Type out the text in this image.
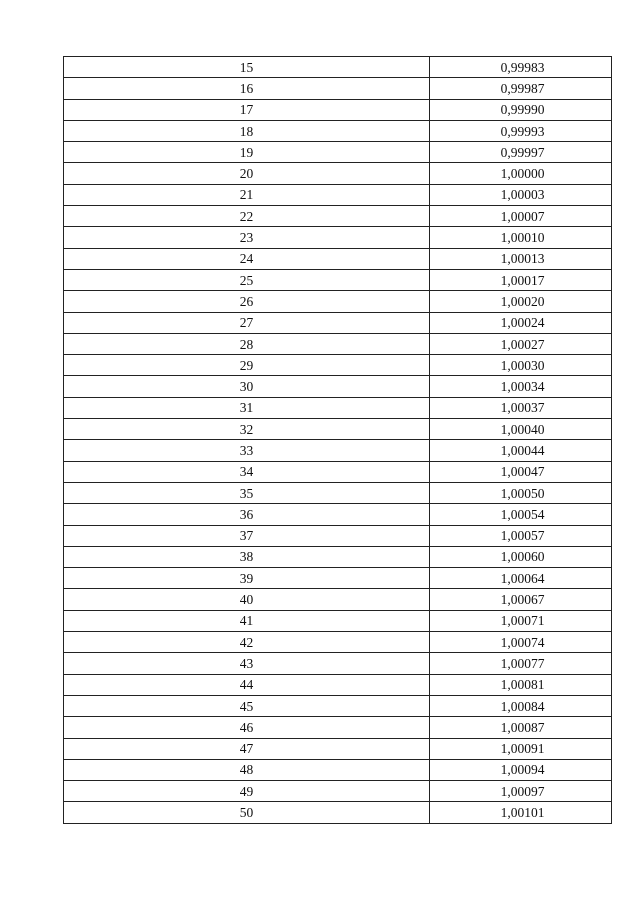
15	0,99983
16	0,99987
17	0,99990
18	0,99993
19	0,99997
20	1,00000
21	1,00003
22	1,00007
23	1,00010
24	1,00013
25	1,00017
26	1,00020
27	1,00024
28	1,00027
29	1,00030
30	1,00034
31	1,00037
32	1,00040
33	1,00044
34	1,00047
35	1,00050
36	1,00054
37	1,00057
38	1,00060
39	1,00064
40	1,00067
41	1,00071
42	1,00074
43	1,00077
44	1,00081
45	1,00084
46	1,00087
47	1,00091
48	1,00094
49	1,00097
50	1,00101
